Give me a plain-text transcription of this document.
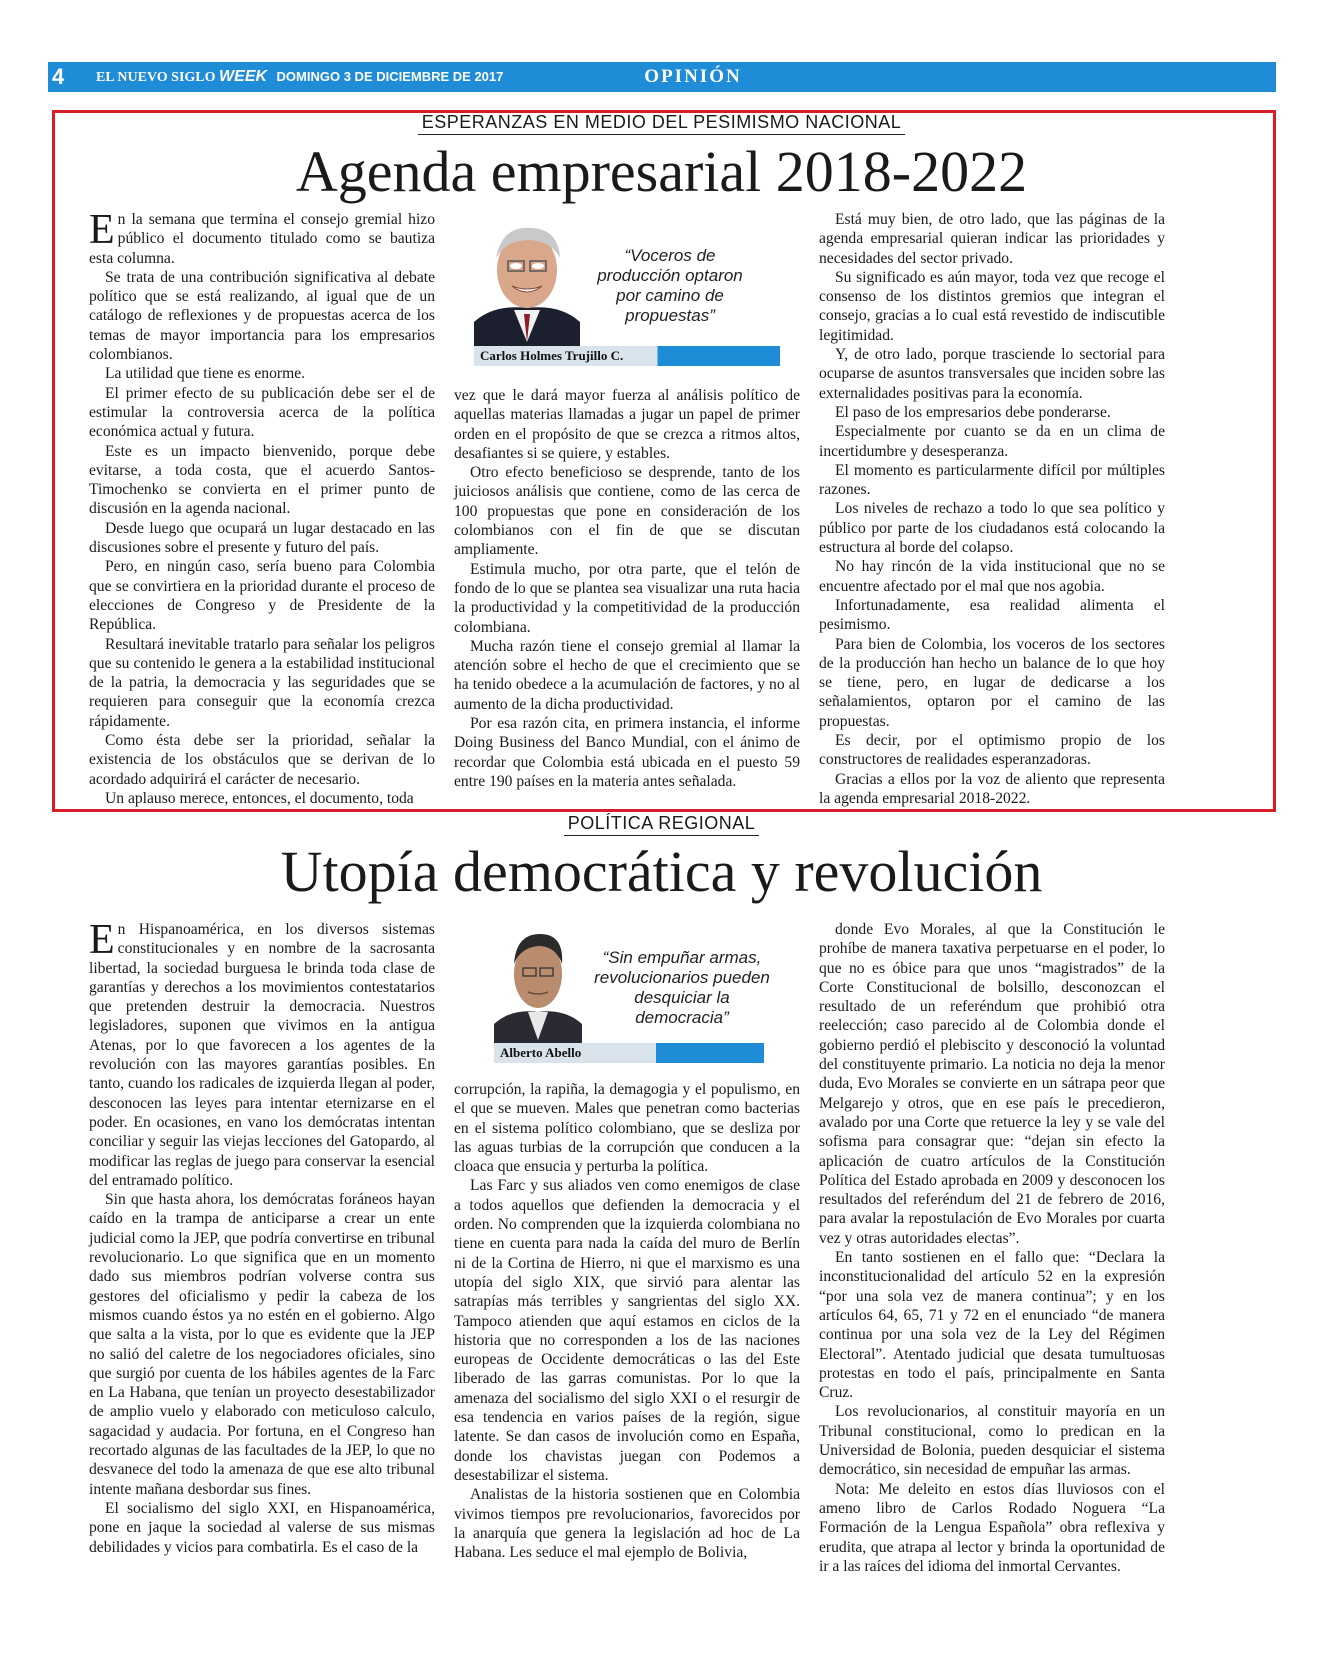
4 EL NUEVO SIGLO WEEK DOMINGO 3 DE DICIEMBRE DE 2017	OPINIÓN
ESPERANZAS EN MEDIO DEL PESIMISMO NACIONAL
Agenda empresarial 2018-2022

En la semana que termina el consejo gremial hizo público el documento titulado como se bautiza esta columna.

Se trata de una contribución significativa al debate político que se está realizando, al igual que de un catálogo de reflexiones y de propuestas acerca de los temas de mayor importancia para los empresarios colombianos.

La utilidad que tiene es enorme.

El primer efecto de su publicación debe ser el de estimular la controversia acerca de la política económica actual y futura.

Este es un impacto bienvenido, porque debe evitarse, a toda costa, que el acuerdo Santos-Timochenko se convierta en el primer punto de discusión en la agenda nacional.

Desde luego que ocupará un lugar destacado en las discusiones sobre el presente y futuro del país.

Pero, en ningún caso, sería bueno para Colombia que se convirtiera en la prioridad durante el proceso de elecciones de Congreso y de Presidente de la República.

Resultará inevitable tratarlo para señalar los peligros que su contenido le genera a la estabilidad institucional de la patria, la democracia y las seguridades que se requieren para conseguir que la economía crezca rápidamente.

Como ésta debe ser la prioridad, señalar la existencia de los obstáculos que se derivan de lo acordado adquirirá el carácter de necesario.

Un aplauso merece, entonces, el documento, toda

“Voceros de producción optaron por camino de propuestas”
Carlos Holmes Trujillo C.

vez que le dará mayor fuerza al análisis político de aquellas materias llamadas a jugar un papel de primer orden en el propósito de que se crezca a ritmos altos, desafiantes si se quiere, y estables.

Otro efecto beneficioso se desprende, tanto de los juiciosos análisis que contiene, como de las cerca de 100 propuestas que pone en consideración de los colombianos con el fin de que se discutan ampliamente.

Estimula mucho, por otra parte, que el telón de fondo de lo que se plantea sea visualizar una ruta hacia la productividad y la competitividad de la producción colombiana.

Mucha razón tiene el consejo gremial al llamar la atención sobre el hecho de que el crecimiento que se ha tenido obedece a la acumulación de factores, y no al aumento de la dicha productividad.

Por esa razón cita, en primera instancia, el informe Doing Business del Banco Mundial, con el ánimo de recordar que Colombia está ubicada en el puesto 59 entre 190 países en la materia antes señalada.

Está muy bien, de otro lado, que las páginas de la agenda empresarial quieran indicar las prioridades y necesidades del sector privado.

Su significado es aún mayor, toda vez que recoge el consenso de los distintos gremios que integran el consejo, gracias a lo cual está revestido de indiscutible legitimidad.

Y, de otro lado, porque trasciende lo sectorial para ocuparse de asuntos transversales que inciden sobre las externalidades positivas para la economía.

El paso de los empresarios debe ponderarse.

Especialmente por cuanto se da en un clima de incertidumbre y desesperanza.

El momento es particularmente difícil por múltiples razones.

Los niveles de rechazo a todo lo que sea político y público por parte de los ciudadanos está colocando la estructura al borde del colapso.

No hay rincón de la vida institucional que no se encuentre afectado por el mal que nos agobia.

Infortunadamente, esa realidad alimenta el pesimismo.

Para bien de Colombia, los voceros de los sectores de la producción han hecho un balance de lo que hoy se tiene, pero, en lugar de dedicarse a los señalamientos, optaron por el camino de las propuestas.

Es decir, por el optimismo propio de los constructores de realidades esperanzadoras.

Gracias a ellos por la voz de aliento que representa la agenda empresarial 2018-2022.

POLÍTICA REGIONAL
Utopía democrática y revolución

En Hispanoamérica, en los diversos sistemas constitucionales y en nombre de la sacrosanta libertad, la sociedad burguesa le brinda toda clase de garantías y derechos a los movimientos contestatarios que pretenden destruir la democracia. Nuestros legisladores, suponen que vivimos en la antigua Atenas, por lo que favorecen a los agentes de la revolución con las mayores garantías posibles. En tanto, cuando los radicales de izquierda llegan al poder, desconocen las leyes para intentar eternizarse en el poder. En ocasiones, en vano los demócratas intentan conciliar y seguir las viejas lecciones del Gatopardo, al modificar las reglas de juego para conservar la esencial del entramado político.

Sin que hasta ahora, los demócratas foráneos hayan caído en la trampa de anticiparse a crear un ente judicial como la JEP, que podría convertirse en tribunal revolucionario. Lo que significa que en un momento dado sus miembros podrían volverse contra sus gestores del oficialismo y pedir la cabeza de los mismos cuando éstos ya no estén en el gobierno. Algo que salta a la vista, por lo que es evidente que la JEP no salió del caletre de los negociadores oficiales, sino que surgió por cuenta de los hábiles agentes de la Farc en La Habana, que tenían un proyecto desestabilizador de amplio vuelo y elaborado con meticuloso calculo, sagacidad y audacia. Por fortuna, en el Congreso han recortado algunas de las facultades de la JEP, lo que no desvanece del todo la amenaza de que ese alto tribunal intente mañana desbordar sus fines.

El socialismo del siglo XXI, en Hispanoamérica, pone en jaque la sociedad al valerse de sus mismas debilidades y vicios para combatirla. Es el caso de la

“Sin empuñar armas, revolucionarios pueden desquiciar la democracia”
Alberto Abello

corrupción, la rapiña, la demagogia y el populismo, en el que se mueven. Males que penetran como bacterias en el sistema político colombiano, que se desliza por las aguas turbias de la corrupción que conducen a la cloaca que ensucia y perturba la política.

Las Farc y sus aliados ven como enemigos de clase a todos aquellos que defienden la democracia y el orden. No comprenden que la izquierda colombiana no tiene en cuenta para nada la caída del muro de Berlín ni de la Cortina de Hierro, ni que el marxismo es una utopía del siglo XIX, que sirvió para alentar las satrapías más terribles y sangrientas del siglo XX. Tampoco atienden que aquí estamos en ciclos de la historia que no corresponden a los de las naciones europeas de Occidente democráticas o las del Este liberado de las garras comunistas. Por lo que la amenaza del socialismo del siglo XXI o el resurgir de esa tendencia en varios países de la región, sigue latente. Se dan casos de involución como en España, donde los chavistas juegan con Podemos a desestabilizar el sistema.

Analistas de la historia sostienen que en Colombia vivimos tiempos pre revolucionarios, favorecidos por la anarquía que genera la legislación ad hoc de La Habana. Les seduce el mal ejemplo de Bolivia,

donde Evo Morales, al que la Constitución le prohíbe de manera taxativa perpetuarse en el poder, lo que no es óbice para que unos “magistrados” de la Corte Constitucional de bolsillo, desconozcan el resultado de un referéndum que prohibió otra reelección; caso parecido al de Colombia donde el gobierno perdió el plebiscito y desconoció la voluntad del constituyente primario. La noticia no deja la menor duda, Evo Morales se convierte en un sátrapa peor que Melgarejo y otros, que en ese país le precedieron, avalado por una Corte que retuerce la ley y se vale del sofisma para consagrar que: “dejan sin efecto la aplicación de cuatro artículos de la Constitución Política del Estado aprobada en 2009 y desconocen los resultados del referéndum del 21 de febrero de 2016, para avalar la repostulación de Evo Morales por cuarta vez y otras autoridades electas”.

En tanto sostienen en el fallo que: “Declara la inconstitucionalidad del artículo 52 en la expresión “por una sola vez de manera continua”; y en los artículos 64, 65, 71 y 72 en el enunciado “de manera continua por una sola vez de la Ley del Régimen Electoral”. Atentado judicial que desata tumultuosas protestas en todo el país, principalmente en Santa Cruz.

Los revolucionarios, al constituir mayoría en un Tribunal constitucional, como lo predican en la Universidad de Bolonia, pueden desquiciar el sistema democrático, sin necesidad de empuñar las armas.

Nota: Me deleito en estos días lluviosos con el ameno libro de Carlos Rodado Noguera “La Formación de la Lengua Española” obra reflexiva y erudita, que atrapa al lector y brinda la oportunidad de ir a las raíces del idioma del inmortal Cervantes.
